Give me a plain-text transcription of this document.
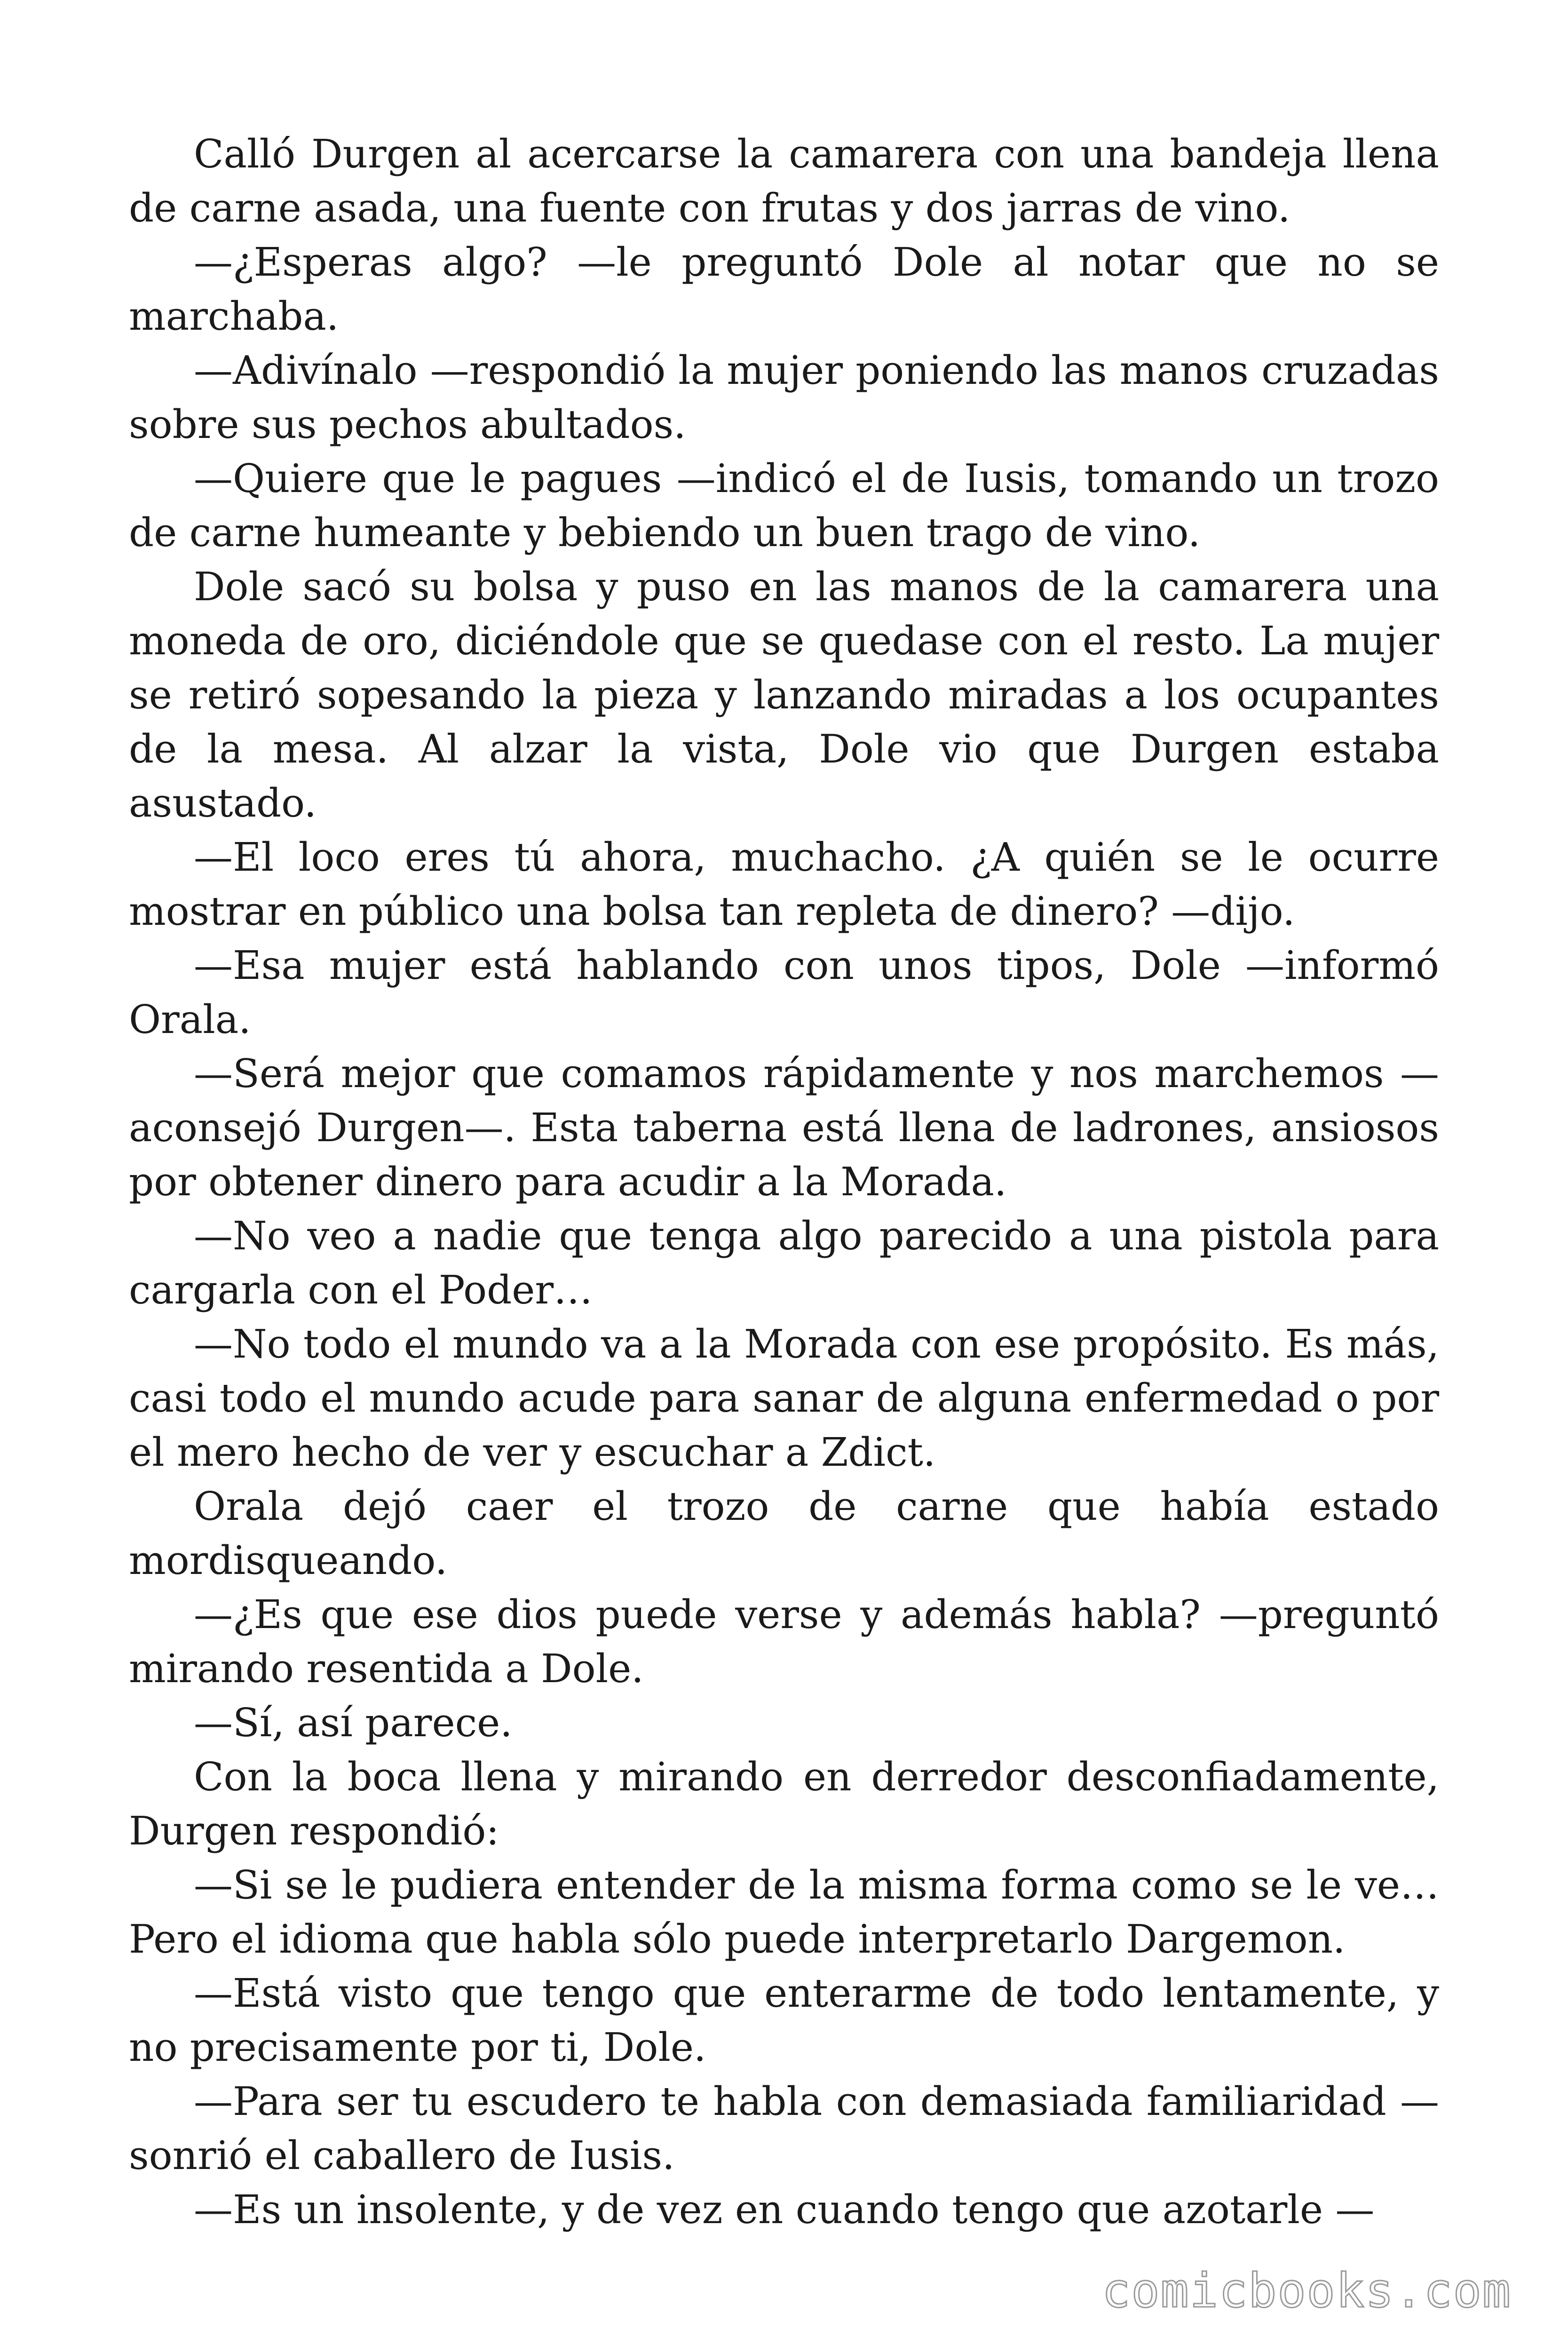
Calló Durgen al acercarse la camarera con una bandeja llena de carne asada, una fuente con frutas y dos jarras de vino.

—¿Esperas algo? —le preguntó Dole al notar que no se marchaba.

—Adivínalo —respondió la mujer poniendo las manos cruzadas sobre sus pechos abultados.

—Quiere que le pagues —indicó el de Iusis, tomando un trozo de carne humeante y bebiendo un buen trago de vino.

Dole sacó su bolsa y puso en las manos de la camarera una moneda de oro, diciéndole que se quedase con el resto. La mujer se retiró sopesando la pieza y lanzando miradas a los ocupantes de la mesa. Al alzar la vista, Dole vio que Durgen estaba asustado.

—El loco eres tú ahora, muchacho. ¿A quién se le ocurre mostrar en público una bolsa tan repleta de dinero? —dijo.

—Esa mujer está hablando con unos tipos, Dole —informó Orala.

—Será mejor que comamos rápidamente y nos marchemos —aconsejó Durgen—. Esta taberna está llena de ladrones, ansiosos por obtener dinero para acudir a la Morada.

—No veo a nadie que tenga algo parecido a una pistola para cargarla con el Poder…

—No todo el mundo va a la Morada con ese propósito. Es más, casi todo el mundo acude para sanar de alguna enfermedad o por el mero hecho de ver y escuchar a Zdict.

Orala dejó caer el trozo de carne que había estado mordisqueando.

—¿Es que ese dios puede verse y además habla? —preguntó mirando resentida a Dole.

—Sí, así parece.

Con la boca llena y mirando en derredor desconfiadamente, Durgen respondió:

—Si se le pudiera entender de la misma forma como se le ve… Pero el idioma que habla sólo puede interpretarlo Dargemon.

—Está visto que tengo que enterarme de todo lentamente, y no precisamente por ti, Dole.

—Para ser tu escudero te habla con demasiada familiaridad —sonrió el caballero de Iusis.

—Es un insolente, y de vez en cuando tengo que azotarle —

comicbooks.com
